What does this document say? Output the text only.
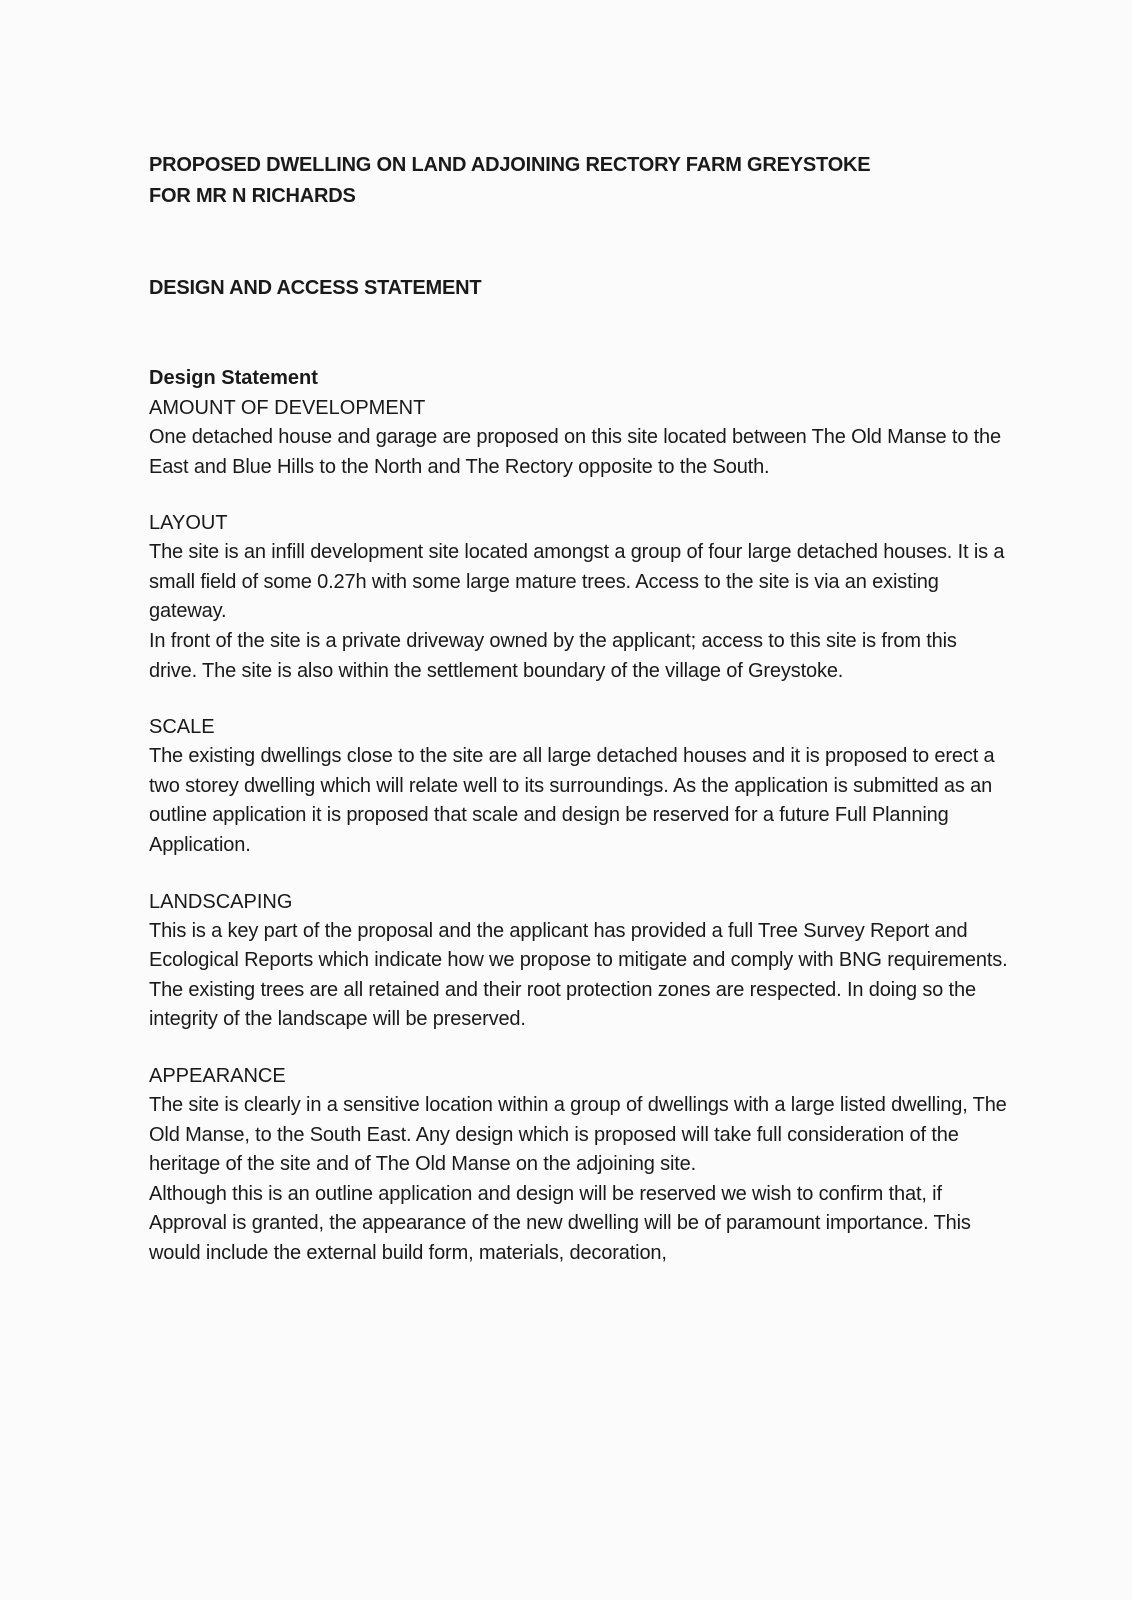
PROPOSED DWELLING ON LAND ADJOINING RECTORY FARM GREYSTOKE
FOR MR N RICHARDS
DESIGN AND ACCESS STATEMENT
Design Statement
AMOUNT OF DEVELOPMENT
One detached house and garage are proposed on this site located between The Old Manse to the East and Blue Hills to the North and The Rectory opposite to the South.
LAYOUT
The site is an infill development site located amongst a group of four large detached houses. It is a small field of some 0.27h with some large mature trees. Access to the site is via an existing gateway.
In front of the site is a private driveway owned by the applicant; access to this site is from this drive. The site is also within the settlement boundary of the village of Greystoke.
SCALE
The existing dwellings close to the site are all large detached houses and it is proposed to erect a two storey dwelling which will relate well to its surroundings. As the application is submitted as an outline application it is proposed that scale and design be reserved for a future Full Planning Application.
LANDSCAPING
This is a key part of the proposal and the applicant has provided a full Tree Survey Report and Ecological Reports which indicate how we propose to mitigate and comply with BNG requirements.
The existing trees are all retained and their root protection zones are respected. In doing so the integrity of the landscape will be preserved.
APPEARANCE
The site is clearly in a sensitive location within a group of dwellings with a large listed dwelling, The Old Manse, to the South East. Any design which is proposed will take full consideration of the heritage of the site and of The Old Manse on the adjoining site.
Although this is an outline application and design will be reserved we wish to confirm that, if Approval is granted, the appearance of the new dwelling will be of paramount importance. This would include the external build form, materials, decoration,
